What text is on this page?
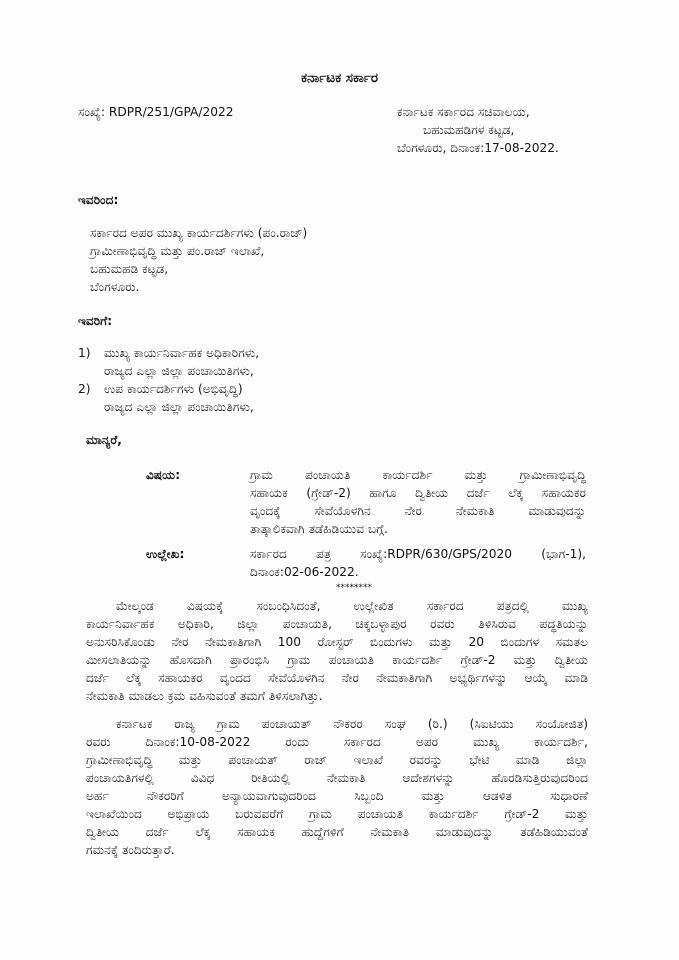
ಕರ್ನಾಟಕ ಸರ್ಕಾರ
ಸಂಖ್ಯೆ: RDPR/251/GPA/2022	ಕರ್ನಾಟಕ ಸರ್ಕಾರದ ಸಚಿವಾಲಯ,
ಬಹುಮಹಡಿಗಳ ಕಟ್ಟಡ,
ಬೆಂಗಳೂರು, ದಿನಾಂಕ:17-08-2022.
ಇವರಿಂದ:
ಸರ್ಕಾರದ ಅಪರ ಮುಖ್ಯ ಕಾರ್ಯದರ್ಶಿಗಳು (ಪಂ.ರಾಜ್)
ಗ್ರಾಮೀಣಾಭಿವೃದ್ಧಿ ಮತ್ತು ಪಂ.ರಾಜ್ ಇಲಾಖೆ,
ಬಹುಮಹಡಿ ಕಟ್ಟಡ,
ಬೆಂಗಳೂರು.
ಇವರಿಗೆ:
1) ಮುಖ್ಯ ಕಾರ್ಯನಿರ್ವಾಹಕ ಅಧಿಕಾರಿಗಳು,
ರಾಜ್ಯದ ಎಲ್ಲಾ ಜಿಲ್ಲಾ ಪಂಚಾಯಿತಿಗಳು,
2) ಉಪ ಕಾರ್ಯದರ್ಶಿಗಳು (ಅಭಿವೃದ್ಧಿ)
ರಾಜ್ಯದ ಎಲ್ಲಾ ಜಿಲ್ಲಾ ಪಂಚಾಯಿತಿಗಳು,
ಮಾನ್ಯರೆ,
ವಿಷಯ:	ಗ್ರಾಮ ಪಂಚಾಯತಿ ಕಾರ್ಯದರ್ಶಿ ಮತ್ತು ಗ್ರಾಮೀಣಾಭಿವೃದ್ಧಿ
ಸಹಾಯಕ (ಗ್ರೇಡ್-2) ಹಾಗೂ ದ್ವಿತೀಯ ದರ್ಜೆ ಲೆಕ್ಕ ಸಹಾಯಕರ
ವೃಂದಕ್ಕೆ ಸೇವೆಯೊಳಗಿನ ನೇರ ನೇಮಕಾತಿ ಮಾಡುವುದನ್ನು
ತಾತ್ಕಾಲಿಕವಾಗಿ ತಡೆಹಿಡಿಯುವ ಬಗ್ಗೆ.
ಉಲ್ಲೇಖ:	ಸರ್ಕಾರದ ಪತ್ರ ಸಂಖ್ಯೆ:RDPR/630/GPS/2020 (ಭಾಗ-1),
ದಿನಾಂಕ:02-06-2022.
********
ಮೇಲ್ಕಂಡ ವಿಷಯಕ್ಕೆ ಸಂಬಂಧಿಸಿದಂತೆ, ಉಲ್ಲೇಖಿತ ಸರ್ಕಾರದ ಪತ್ರದಲ್ಲಿ ಮುಖ್ಯ
ಕಾರ್ಯನಿರ್ವಾಹಕ ಅಧಿಕಾರಿ, ಜಿಲ್ಲಾ ಪಂಚಾಯತಿ, ಚಿಕ್ಕಬಳ್ಳಾಪುರ ರವರು ತಿಳಿಸಿರುವ ಪದ್ಧತಿಯನ್ನು
ಅನುಸರಿಸಿಕೊಂಡು ನೇರ ನೇಮಕಾತಿಗಾಗಿ 100 ರೋಸ್ಟರ್ ಬಿಂದುಗಳು ಮತ್ತು 20 ಬಿಂದುಗಳ ಸಮತಲ
ಮೀಸಲಾತಿಯನ್ನು ಹೊಸದಾಗಿ ಪ್ರಾರಂಭಿಸಿ ಗ್ರಾಮ ಪಂಚಾಯತಿ ಕಾರ್ಯದರ್ಶಿ ಗ್ರೇಡ್-2 ಮತ್ತು ದ್ವಿತೀಯ
ದರ್ಜೆ ಲೆಕ್ಕ ಸಹಾಯಕರ ವೃಂದದ ಸೇವೆಯೊಳಗಿನ ನೇರ ನೇಮಕಾತಿಗಾಗಿ ಅಭ್ಯರ್ಥಿಗಳನ್ನು ಆಯ್ಕೆ ಮಾಡಿ
ನೇಮಕಾತಿ ಮಾಡಲು ಕ್ರಮ ವಹಿಸುವಂತೆ ತಮಗೆ ತಿಳಿಸಲಾಗಿತ್ತು.
ಕರ್ನಾಟಕ ರಾಜ್ಯ ಗ್ರಾಮ ಪಂಚಾಯತ್ ನೌಕರರ ಸಂಘ (ರಿ.) (ಸಿಐಟಿಯು ಸಂಯೋಜಿತ)
ರವರು ದಿನಾಂಕ:10-08-2022 ರಂದು ಸರ್ಕಾರದ ಅಪರ ಮುಖ್ಯ ಕಾರ್ಯದರ್ಶಿ,
ಗ್ರಾಮೀಣಾಭಿವೃದ್ಧಿ ಮತ್ತು ಪಂಚಾಯತ್ ರಾಜ್ ಇಲಾಖೆ ರವರನ್ನು ಭೇಟಿ ಮಾಡಿ ಜಿಲ್ಲಾ
ಪಂಚಾಯತಿಗಳಲ್ಲಿ ವಿವಿಧ ರೀತಿಯಲ್ಲಿ ನೇಮಕಾತಿ ಆದೇಶಗಳನ್ನು ಹೊರಡಿಸುತ್ತಿರುವುದರಿಂದ
ಅರ್ಹ ನೌಕರರಿಗೆ ಅನ್ಯಾಯವಾಗುವುದರಿಂದ ಸಿಬ್ಬಂದಿ ಮತ್ತು ಆಡಳಿತ ಸುಧಾರಣೆ
ಇಲಾಖೆಯಿಂದ ಅಭಿಪ್ರಾಯ ಬರುವವರೆಗೆ ಗ್ರಾಮ ಪಂಚಾಯತಿ ಕಾರ್ಯದರ್ಶಿ ಗ್ರೇಡ್-2 ಮತ್ತು
ದ್ವಿತೀಯ ದರ್ಜೆ ಲೆಕ್ಕ ಸಹಾಯಕ ಹುದ್ದೆಗಳಿಗೆ ನೇಮಕಾತಿ ಮಾಡುವುದನ್ನು ತಡೆಹಿಡಿಯುವಂತೆ
ಗಮನಕ್ಕೆ ತಂದಿರುತ್ತಾರೆ.
